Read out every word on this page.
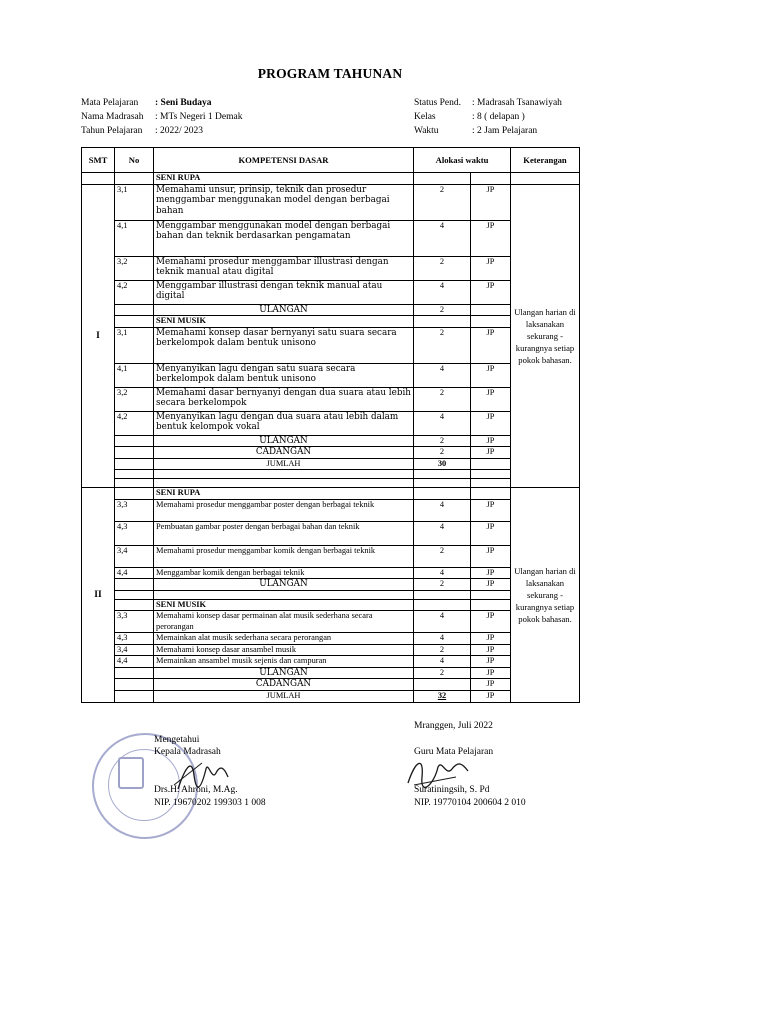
PROGRAM TAHUNAN
Mata Pelajaran	: Seni Budaya
Nama Madrasah	: MTs Negeri 1 Demak
Tahun Pelajaran	: 2022/ 2023
Status Pend.	: Madrasah Tsanawiyah
Kelas	: 8 ( delapan )
Waktu	: 2 Jam Pelajaran
SMT	No	KOMPETENSI DASAR	Alokasi waktu		Keterangan
		SENI RUPA			
I	3,1	Memahami unsur, prinsip, teknik dan prosedur menggambar menggunakan model dengan berbagai bahan	2	JP	Ulangan harian di laksanakan sekurang - kurangnya setiap pokok bahasan.
	4,1	Menggambar menggunakan model dengan berbagai bahan dan teknik berdasarkan pengamatan	4	JP	
	3,2	Memahami prosedur menggambar illustrasi dengan teknik manual atau digital	2	JP	
	4,2	Menggambar illustrasi dengan teknik manual atau digital	4	JP	
		ULANGAN	2		
		SENI MUSIK			
	3,1	Memahami konsep dasar bernyanyi satu suara secara berkelompok dalam bentuk unisono	2	JP	
	4,1	Menyanyikan lagu dengan satu suara secara berkelompok dalam bentuk unisono	4	JP	
	3,2	Memahami dasar bernyanyi dengan dua suara atau lebih secara berkelompok	2	JP	
	4,2	Menyanyikan lagu dengan dua suara atau lebih dalam bentuk kelompok vokal	4	JP	
		ULANGAN	2	JP	
		CADANGAN	2	JP	
		JUMLAH	30		

II		SENI RUPA			Ulangan harian di laksanakan sekurang - kurangnya setiap pokok bahasan.
	3,3	Memahami prosedur menggambar poster dengan berbagai teknik	4	JP	
	4,3	Pembuatan gambar poster dengan berbagai bahan dan teknik	4	JP	
	3,4	Memahami prosedur menggambar komik dengan berbagai teknik	2	JP	
	4,4	Menggambar komik dengan berbagai teknik	4	JP	
		ULANGAN	2	JP	

		SENI MUSIK			
	3,3	Memahami konsep dasar permainan alat musik sederhana secara perorangan	4	JP	
	4,3	Memainkan alat musik sederhana secara perorangan	4	JP	
	3,4	Memahami konsep dasar ansambel musik	2	JP	
	4,4	Memainkan ansambel musik sejenis dan campuran	4	JP	
		ULANGAN	2	JP	
		CADANGAN		JP	
		JUMLAH	32	JP	
Mranggen, Juli 2022
Mengetahui
Kepala Madrasah	Guru Mata Pelajaran
Drs.H. Ahroni, M.Ag.
NIP. 19670202 199303 1 008
Suratiningsih, S. Pd
NIP. 19770104 200604 2 010
